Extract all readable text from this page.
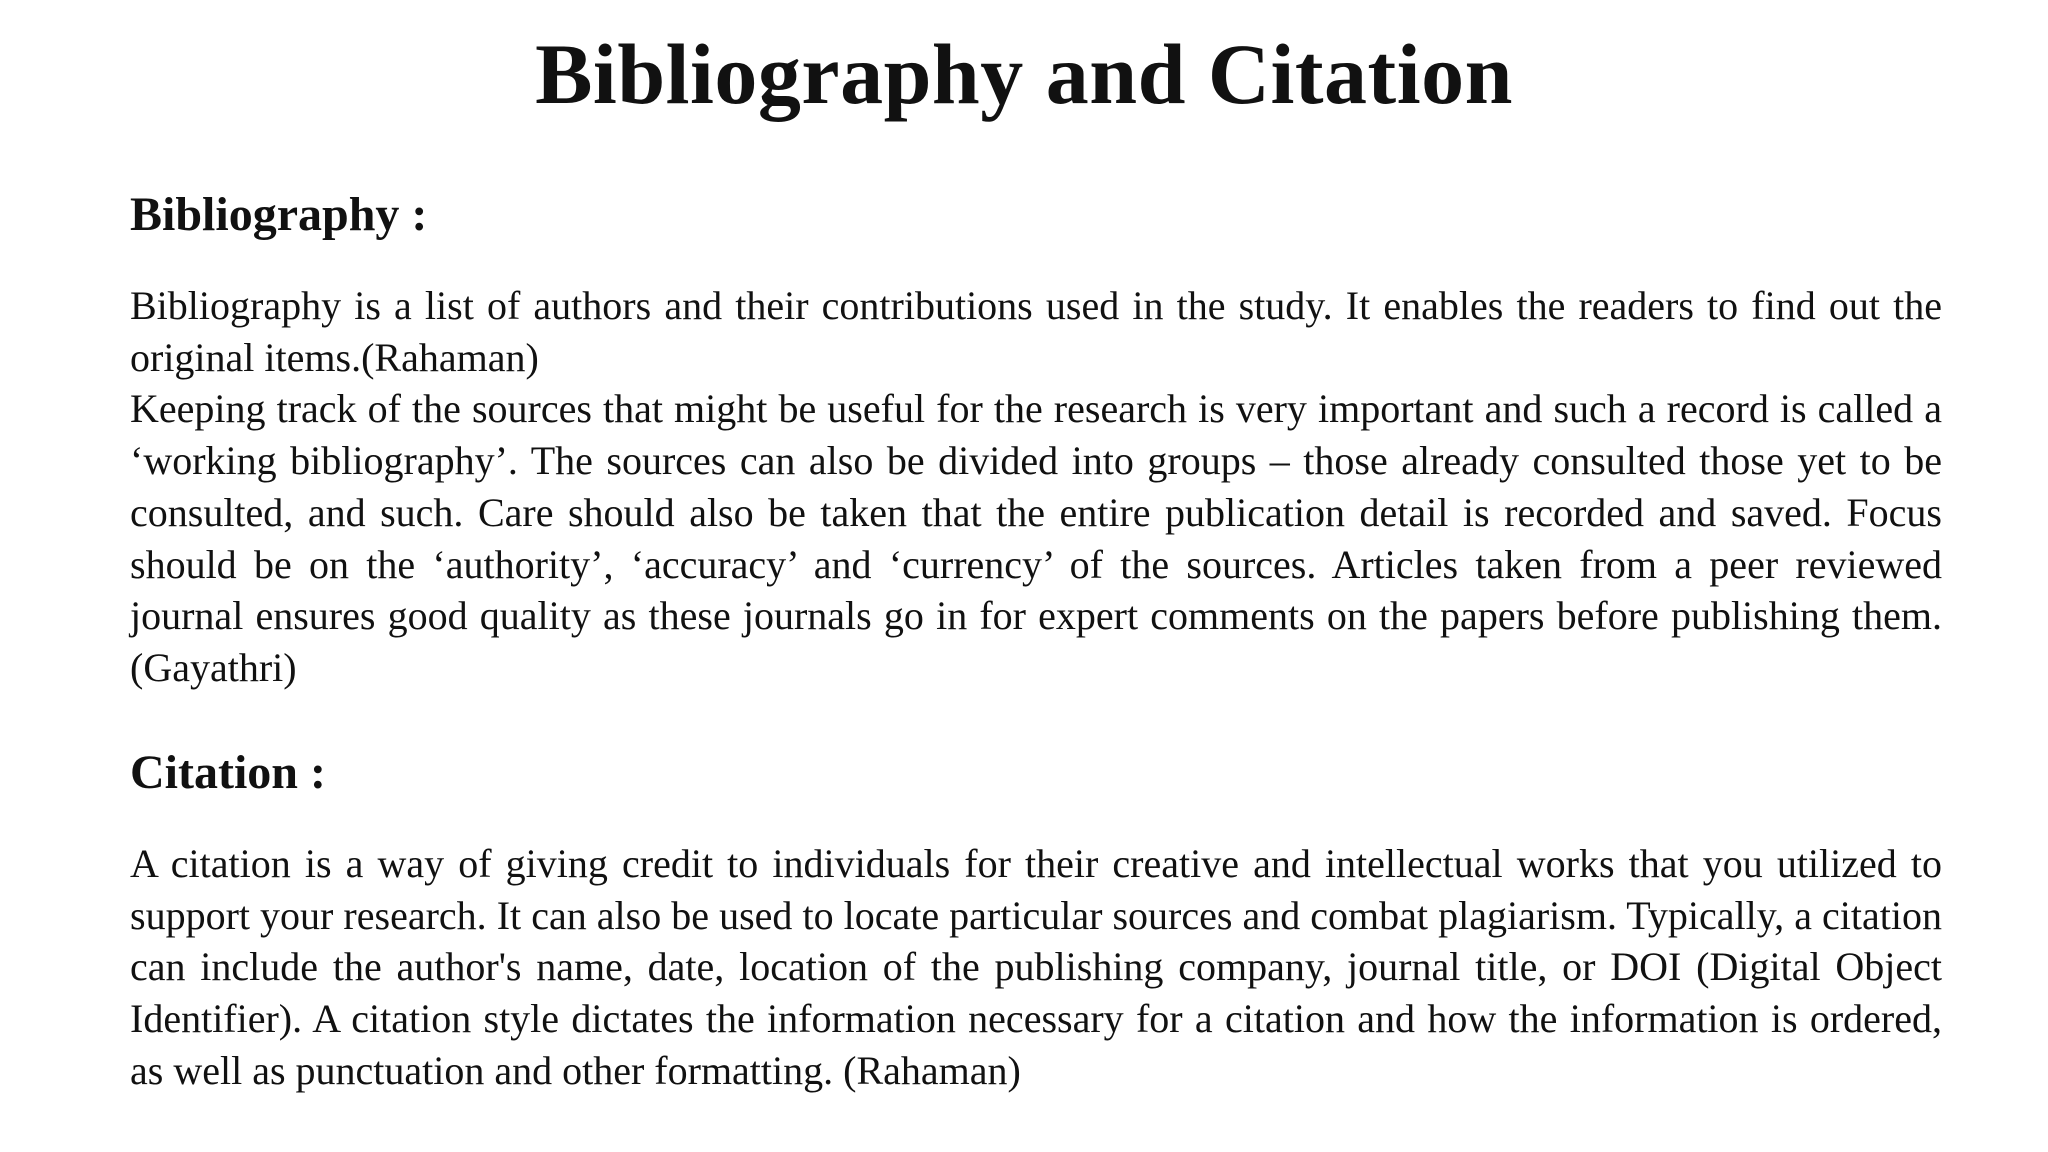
Bibliography and Citation
Bibliography :

Bibliography is a list of authors and their contributions used in the study. It enables the readers to find out the original items.(Rahaman)

Keeping track of the sources that might be useful for the research is very important and such a record is called a ‘working bibliography’. The sources can also be divided into groups – those already consulted those yet to be consulted, and such. Care should also be taken that the entire publication detail is recorded and saved. Focus should be on the ‘authority’, ‘accuracy’ and ‘currency’ of the sources. Articles taken from a peer reviewed journal ensures good quality as these journals go in for expert comments on the papers before publishing them.(Gayathri)

Citation :

A citation is a way of giving credit to individuals for their creative and intellectual works that you utilized to support your research. It can also be used to locate particular sources and combat plagiarism. Typically, a citation can include the author's name, date, location of the publishing company, journal title, or DOI (Digital Object Identifier). A citation style dictates the information necessary for a citation and how the information is ordered, as well as punctuation and other formatting. (Rahaman)
